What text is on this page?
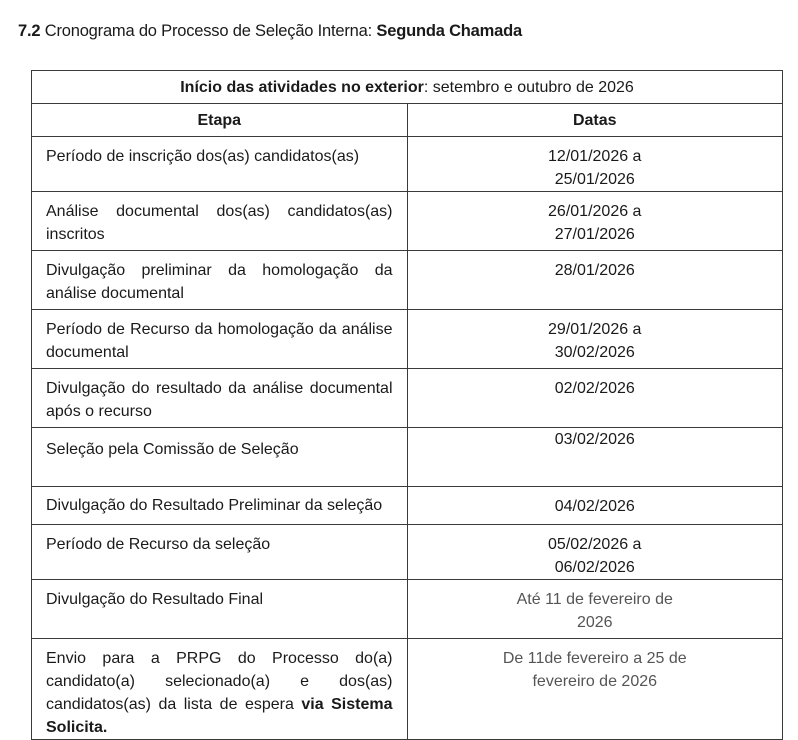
7.2 Cronograma do Processo de Seleção Interna: Segunda Chamada
Início das atividades no exterior: setembro e outubro de 2026	
Etapa	Datas
Período de inscrição dos(as) candidatos(as)	12/01/2026 a 25/01/2026

Análise documental dos(as) candidatos(as) inscritos	26/01/2026 a 27/01/2026

Divulgação preliminar da homologação da análise documental	28/01/2026
Período de Recurso da homologação da análise documental	29/01/2026 a 30/02/2026

Divulgação do resultado da análise documental após o recurso	02/02/2026
Seleção pela Comissão de Seleção	03/02/2026
Divulgação do Resultado Preliminar da seleção	04/02/2026
Período de Recurso da seleção	05/02/2026 a 06/02/2026

Divulgação do Resultado Final	Até 11 de fevereiro de 2026

Envio para a PRPG do Processo do(a) candidato(a) selecionado(a) e dos(as) candidatos(as) da lista de espera via Sistema Solicita.	De 11de fevereiro a 25 de fevereiro de 2026
